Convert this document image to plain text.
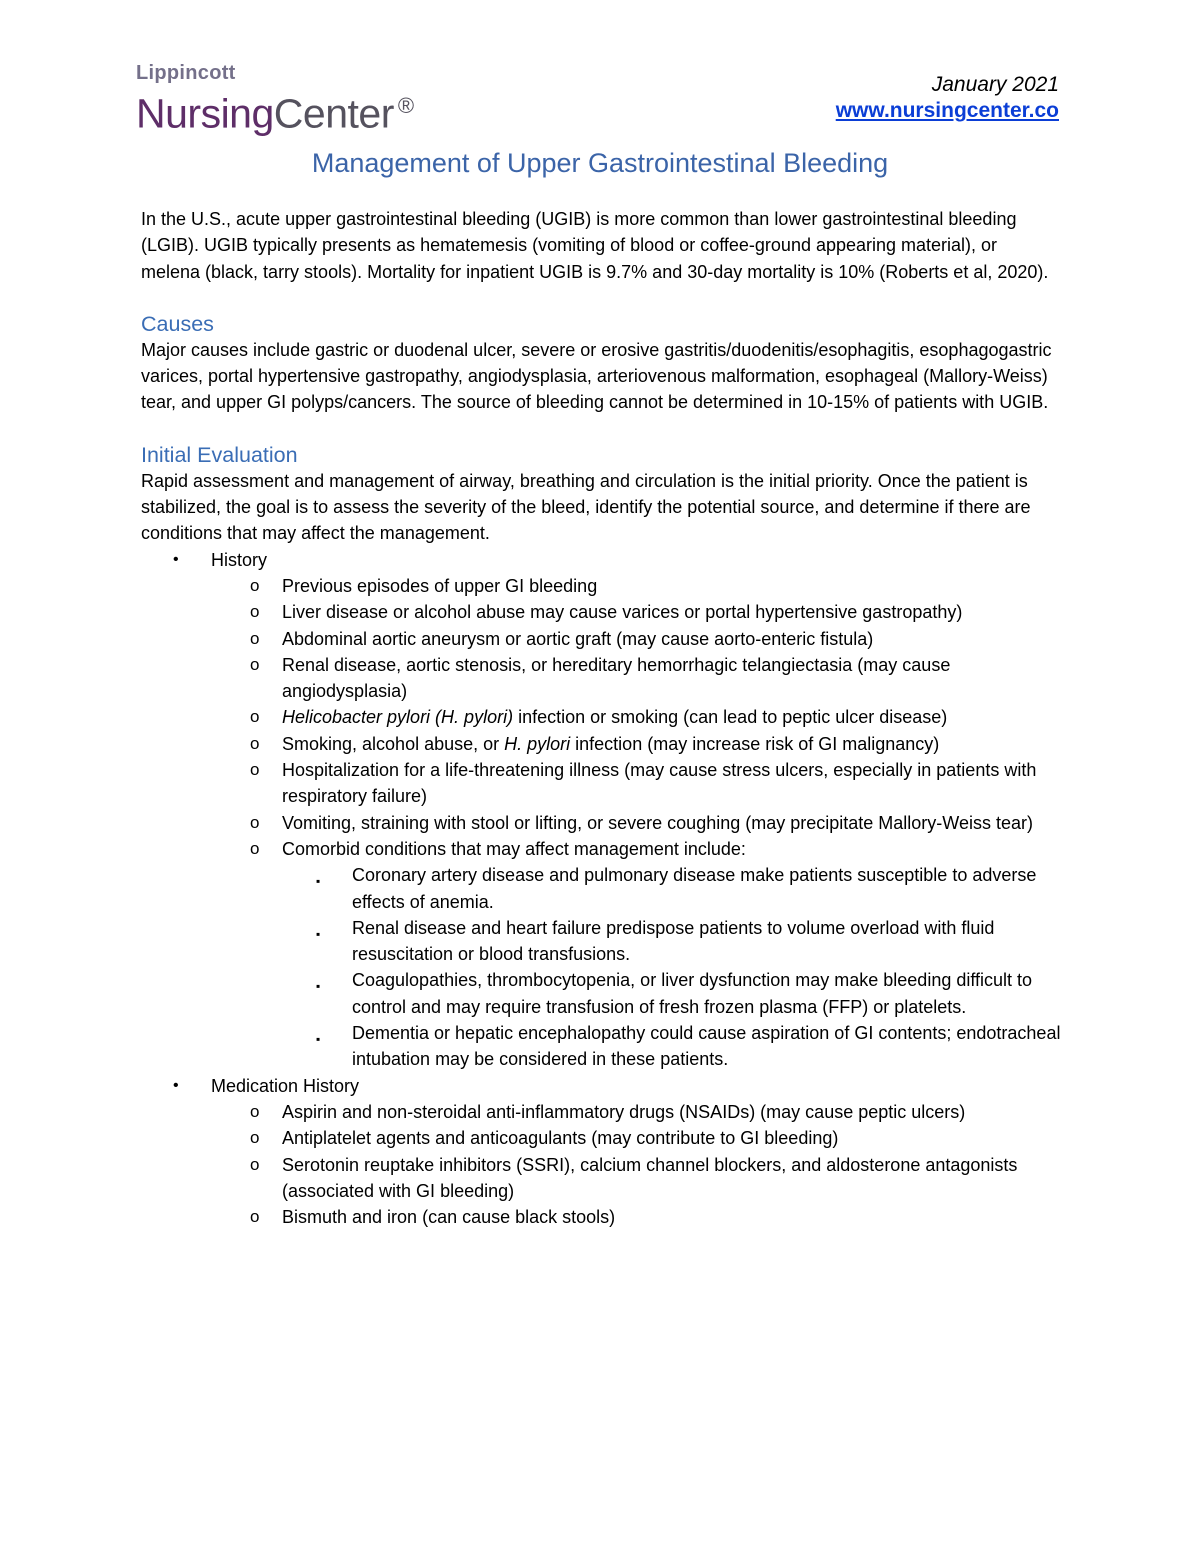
Lippincott
NursingCenter ®
January 2021
www.nursingcenter.co
Management of Upper Gastrointestinal Bleeding

In the U.S., acute upper gastrointestinal bleeding (UGIB) is more common than lower gastrointestinal bleeding (LGIB). UGIB typically presents as hematemesis (vomiting of blood or coffee-ground appearing material), or melena (black, tarry stools). Mortality for inpatient UGIB is 9.7% and 30-day mortality is 10% (Roberts et al, 2020).

Causes

Major causes include gastric or duodenal ulcer, severe or erosive gastritis/duodenitis/esophagitis, esophagogastric varices, portal hypertensive gastropathy, angiodysplasia, arteriovenous malformation, esophageal (Mallory-Weiss) tear, and upper GI polyps/cancers. The source of bleeding cannot be determined in 10-15% of patients with UGIB.

Initial Evaluation

Rapid assessment and management of airway, breathing and circulation is the initial priority. Once the patient is stabilized, the goal is to assess the severity of the bleed, identify the potential source, and determine if there are conditions that may affect the management.

• History
o Previous episodes of upper GI bleeding
o Liver disease or alcohol abuse may cause varices or portal hypertensive gastropathy)
o Abdominal aortic aneurysm or aortic graft (may cause aorto-enteric fistula)
o Renal disease, aortic stenosis, or hereditary hemorrhagic telangiectasia (may cause angiodysplasia)
o Helicobacter pylori (H. pylori) infection or smoking (can lead to peptic ulcer disease)
o Smoking, alcohol abuse, or H. pylori infection (may increase risk of GI malignancy)
o Hospitalization for a life-threatening illness (may cause stress ulcers, especially in patients with respiratory failure)
o Vomiting, straining with stool or lifting, or severe coughing (may precipitate Mallory-Weiss tear)
o Comorbid conditions that may affect management include:
▪ Coronary artery disease and pulmonary disease make patients susceptible to adverse effects of anemia.
▪ Renal disease and heart failure predispose patients to volume overload with fluid resuscitation or blood transfusions.
▪ Coagulopathies, thrombocytopenia, or liver dysfunction may make bleeding difficult to control and may require transfusion of fresh frozen plasma (FFP) or platelets.
▪ Dementia or hepatic encephalopathy could cause aspiration of GI contents; endotracheal intubation may be considered in these patients.
• Medication History
o Aspirin and non-steroidal anti-inflammatory drugs (NSAIDs) (may cause peptic ulcers)
o Antiplatelet agents and anticoagulants (may contribute to GI bleeding)
o Serotonin reuptake inhibitors (SSRI), calcium channel blockers, and aldosterone antagonists (associated with GI bleeding)
o Bismuth and iron (can cause black stools)
